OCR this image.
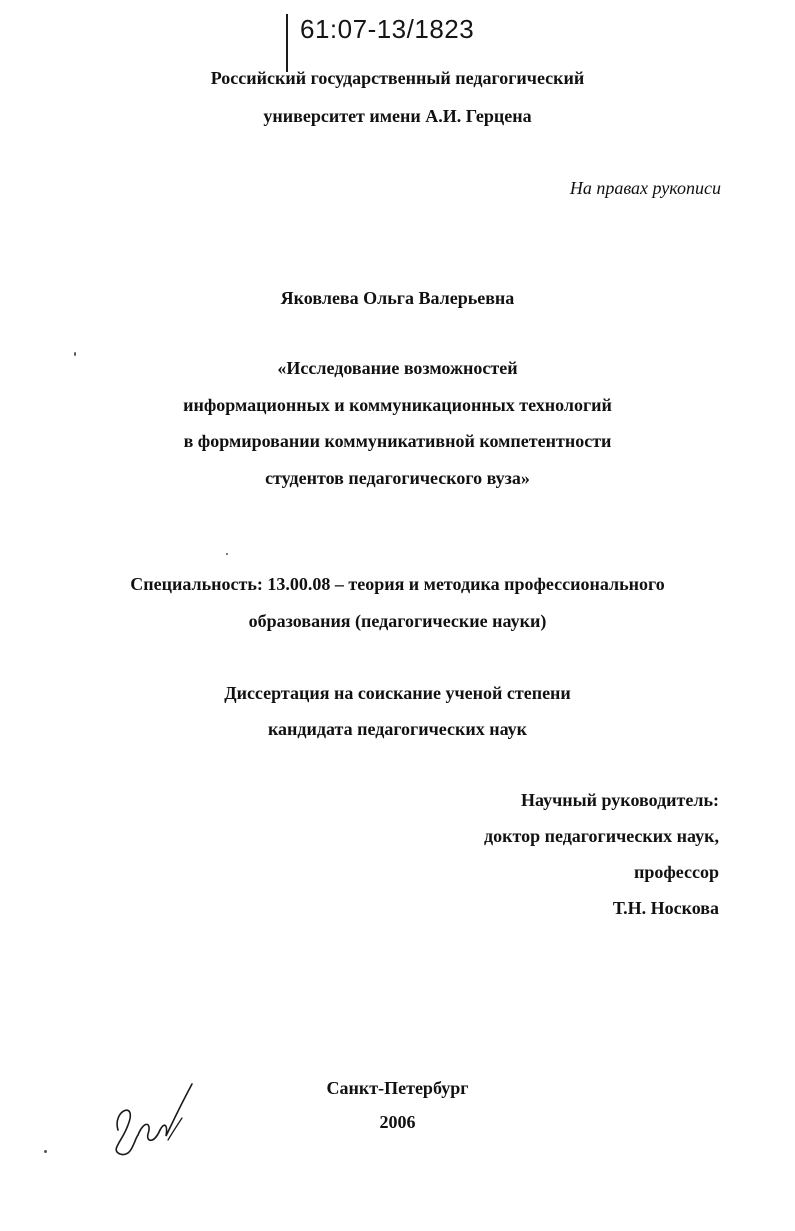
61:07-13/1823
Российский государственный педагогический
университет имени А.И. Герцена
На правах рукописи
Яковлева Ольга Валерьевна
«Исследование возможностей
информационных и коммуникационных технологий
в формировании коммуникативной компетентности
студентов педагогического вуза»
Специальность: 13.00.08 – теория и методика профессионального
образования (педагогические науки)
Диссертация на соискание ученой степени
кандидата педагогических наук
Научный руководитель:
доктор педагогических наук,
профессор
Т.Н. Носкова
Санкт-Петербург
2006
